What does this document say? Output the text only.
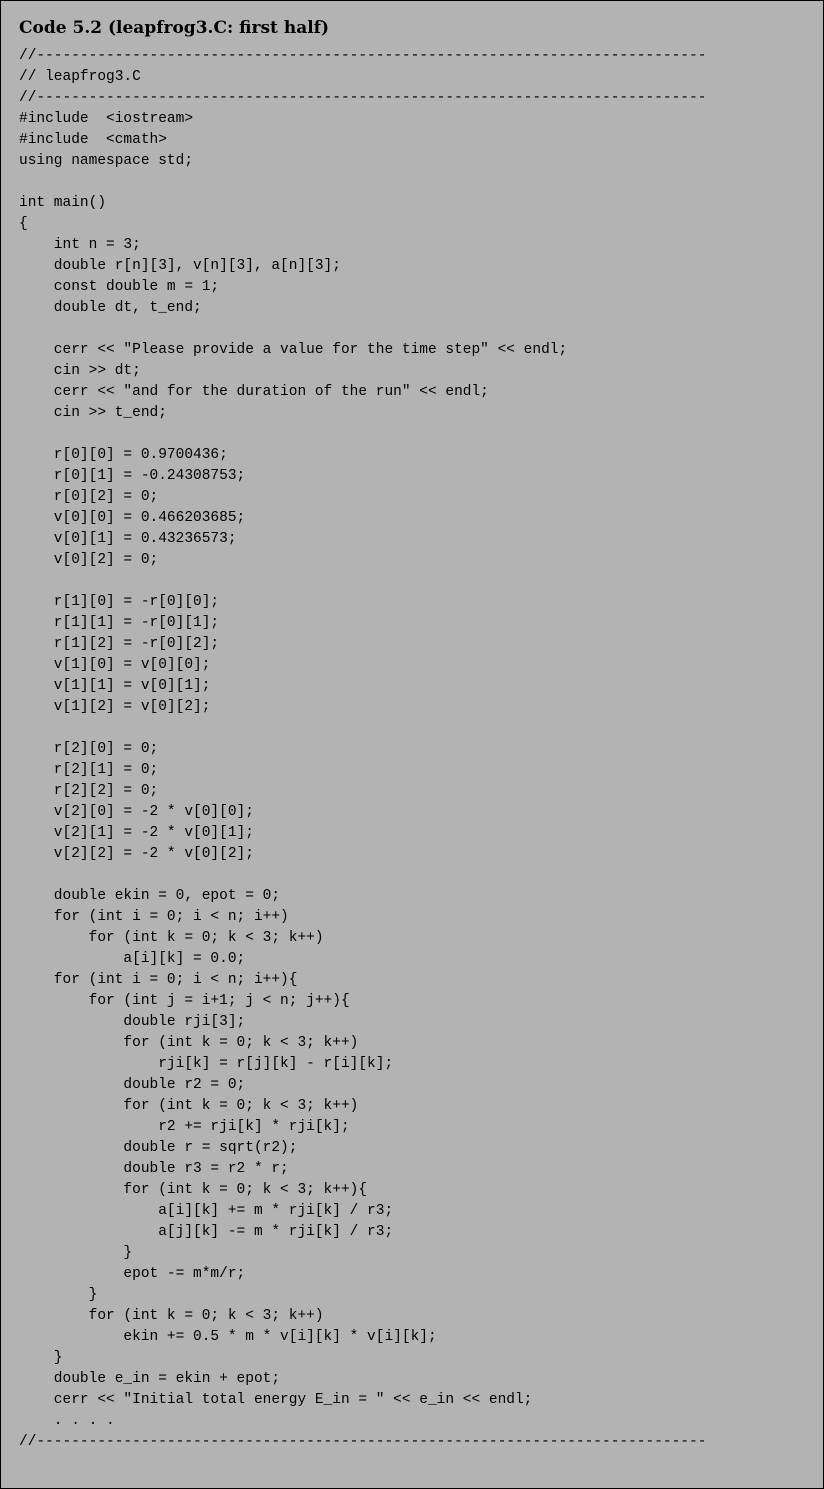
Code 5.2 (leapfrog3.C: first half)
//-----------------------------------------------------------------------------
// leapfrog3.C
//-----------------------------------------------------------------------------
#include  <iostream>
#include  <cmath>
using namespace std;
int main()
{
int n = 3;
double r[n][3], v[n][3], a[n][3];
const double m = 1;
double dt, t_end;
cerr << "Please provide a value for the time step" << endl;
cin >> dt;
cerr << "and for the duration of the run" << endl;
cin >> t_end;
r[0][0] = 0.9700436;
r[0][1] = -0.24308753;
r[0][2] = 0;
v[0][0] = 0.466203685;
v[0][1] = 0.43236573;
v[0][2] = 0;
r[1][0] = -r[0][0];
r[1][1] = -r[0][1];
r[1][2] = -r[0][2];
v[1][0] = v[0][0];
v[1][1] = v[0][1];
v[1][2] = v[0][2];
r[2][0] = 0;
r[2][1] = 0;
r[2][2] = 0;
v[2][0] = -2 * v[0][0];
v[2][1] = -2 * v[0][1];
v[2][2] = -2 * v[0][2];
double ekin = 0, epot = 0;
for (int i = 0; i < n; i++)
for (int k = 0; k < 3; k++)
a[i][k] = 0.0;
for (int i = 0; i < n; i++){
for (int j = i+1; j < n; j++){
double rji[3];
for (int k = 0; k < 3; k++)
rji[k] = r[j][k] - r[i][k];
double r2 = 0;
for (int k = 0; k < 3; k++)
r2 += rji[k] * rji[k];
double r = sqrt(r2);
double r3 = r2 * r;
for (int k = 0; k < 3; k++){
a[i][k] += m * rji[k] / r3;
a[j][k] -= m * rji[k] / r3;
}
epot -= m*m/r;
}
for (int k = 0; k < 3; k++)
ekin += 0.5 * m * v[i][k] * v[i][k];
}
double e_in = ekin + epot;
cerr << "Initial total energy E_in = " << e_in << endl;
. . . .
//-----------------------------------------------------------------------------
